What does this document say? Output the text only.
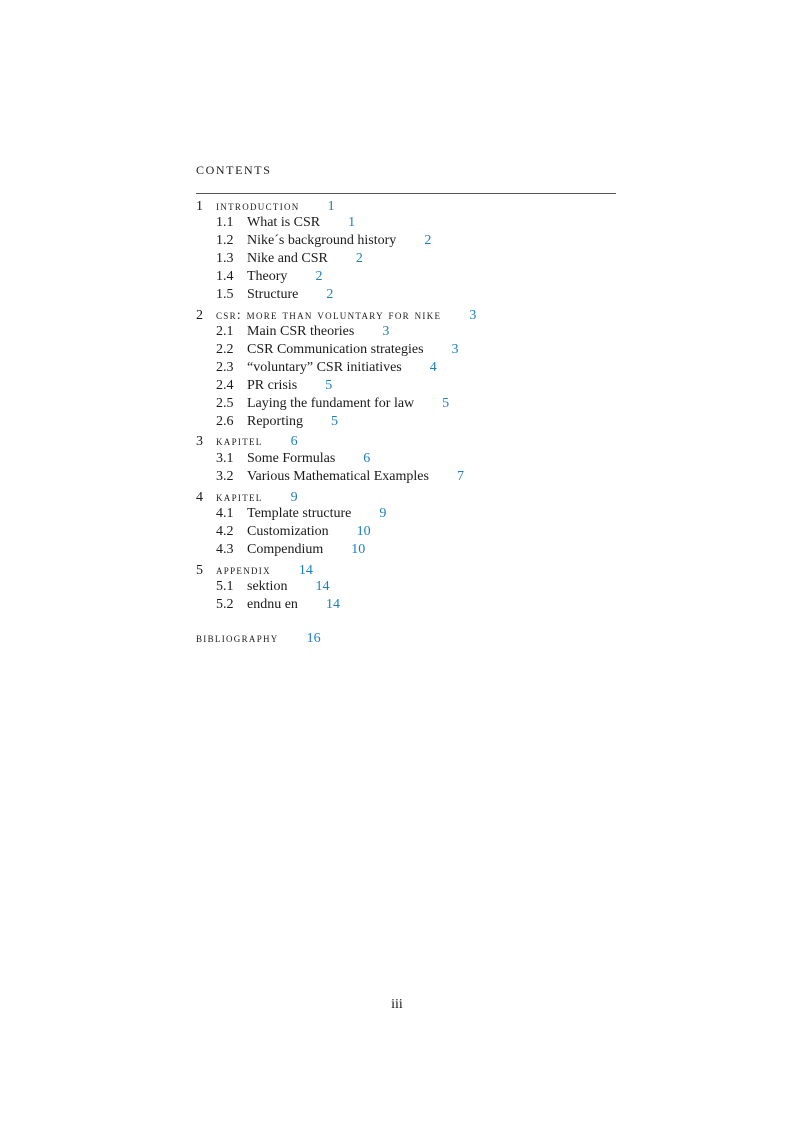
contents
1 introduction 1
1.1 What is CSR 1
1.2 Nike´s background history 2
1.3 Nike and CSR 2
1.4 Theory 2
1.5 Structure 2
2 csr: more than voluntary for nike 3
2.1 Main CSR theories 3
2.2 CSR Communication strategies 3
2.3 “voluntary” CSR initiatives 4
2.4 PR crisis 5
2.5 Laying the fundament for law 5
2.6 Reporting 5
3 kapitel 6
3.1 Some Formulas 6
3.2 Various Mathematical Examples 7
4 kapitel 9
4.1 Template structure 9
4.2 Customization 10
4.3 Compendium 10
5 appendix 14
5.1 sektion 14
5.2 endnu en 14
bibliography 16
iii
